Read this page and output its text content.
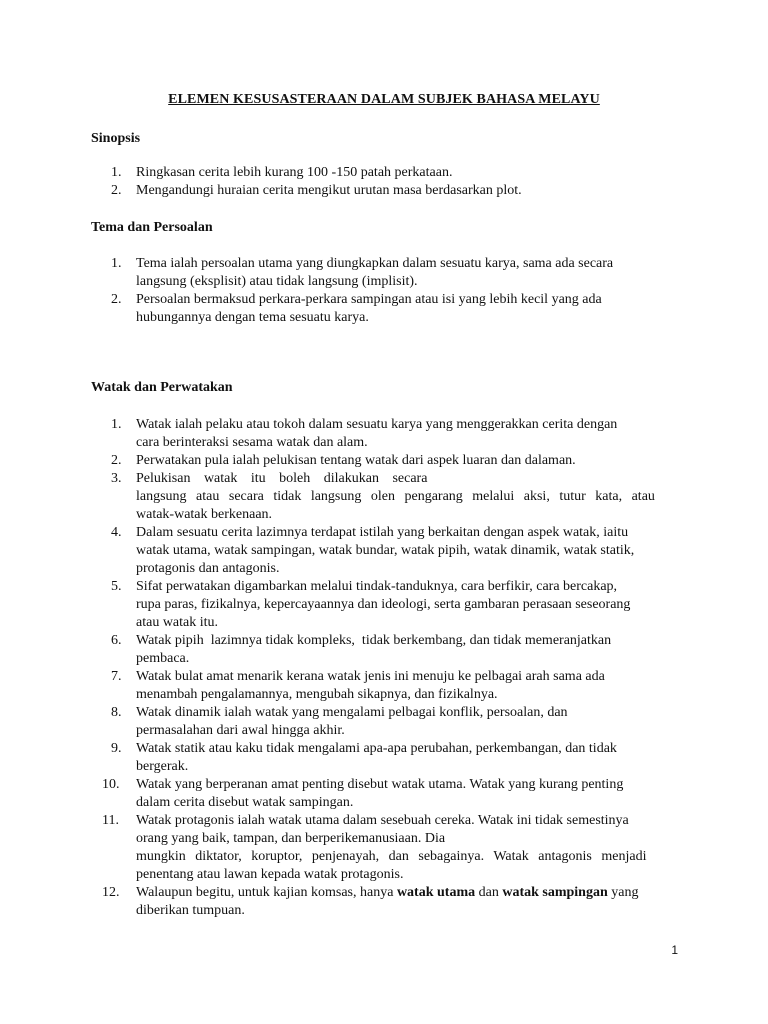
ELEMEN KESUSASTERAAN DALAM SUBJEK BAHASA MELAYU
Sinopsis
1. Ringkasan cerita lebih kurang 100 -150 patah perkataan.
2. Mengandungi huraian cerita mengikut urutan masa berdasarkan plot.
Tema dan Persoalan
1. Tema ialah persoalan utama yang diungkapkan dalam sesuatu karya, sama ada secara
langsung (eksplisit) atau tidak langsung (implisit).
2. Persoalan bermaksud perkara-perkara sampingan atau isi yang lebih kecil yang ada
hubungannya dengan tema sesuatu karya.
Watak dan Perwatakan
1. Watak ialah pelaku atau tokoh dalam sesuatu karya yang menggerakkan cerita dengan
cara berinteraksi sesama watak dan alam.
2. Perwatakan pula ialah pelukisan tentang watak dari aspek luaran dan dalaman.
3. Pelukisan watak itu boleh dilakukan secara
langsung atau secara tidak langsung olen pengarang melalui aksi, tutur kata, atau
watak-watak berkenaan.
4. Dalam sesuatu cerita lazimnya terdapat istilah yang berkaitan dengan aspek watak, iaitu
watak utama, watak sampingan, watak bundar, watak pipih, watak dinamik, watak statik,
protagonis dan antagonis.
5. Sifat perwatakan digambarkan melalui tindak-tanduknya, cara berfikir, cara bercakap,
rupa paras, fizikalnya, kepercayaannya dan ideologi, serta gambaran perasaan seseorang
atau watak itu.
6. Watak pipih  lazimnya tidak kompleks,  tidak berkembang, dan tidak memeranjatkan
pembaca.
7. Watak bulat amat menarik kerana watak jenis ini menuju ke pelbagai arah sama ada
menambah pengalamannya, mengubah sikapnya, dan fizikalnya.
8. Watak dinamik ialah watak yang mengalami pelbagai konflik, persoalan, dan
permasalahan dari awal hingga akhir.
9. Watak statik atau kaku tidak mengalami apa-apa perubahan, perkembangan, dan tidak
bergerak.
10. Watak yang berperanan amat penting disebut watak utama. Watak yang kurang penting
dalam cerita disebut watak sampingan.
11. Watak protagonis ialah watak utama dalam sesebuah cereka. Watak ini tidak semestinya
orang yang baik, tampan, dan berperikemanusiaan. Dia
mungkin diktator, koruptor, penjenayah, dan sebagainya. Watak antagonis menjadi
penentang atau lawan kepada watak protagonis.
12. Walaupun begitu, untuk kajian komsas, hanya watak utama dan watak sampingan yang
diberikan tumpuan.
1
